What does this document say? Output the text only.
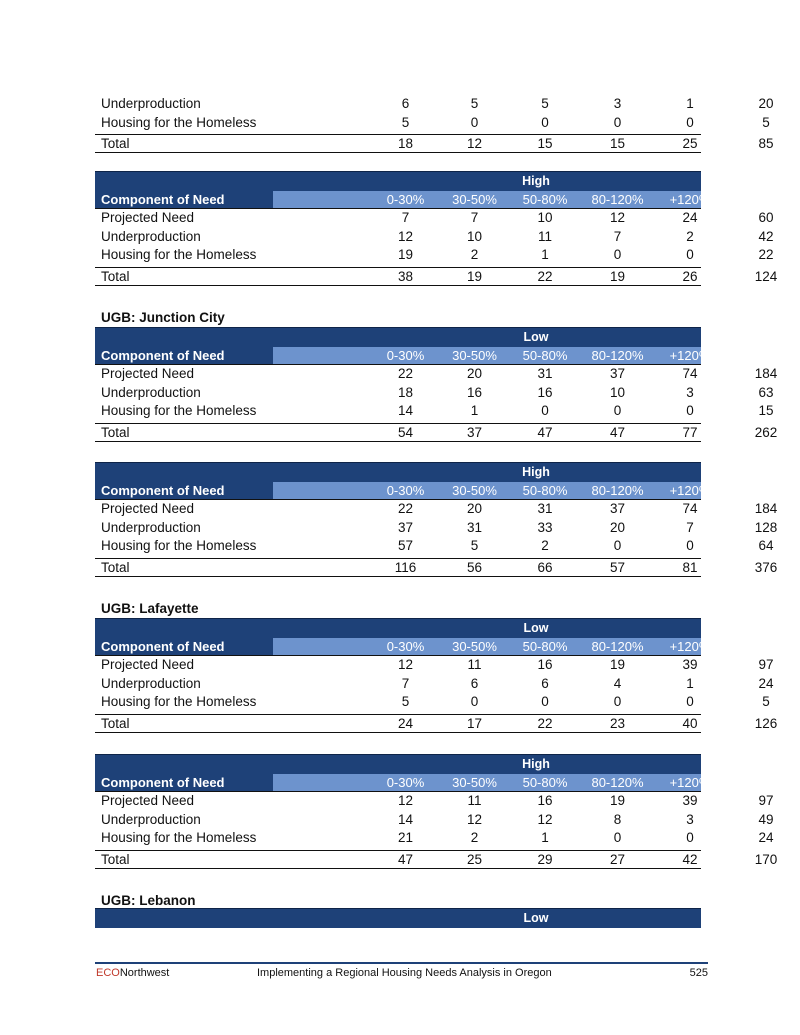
Underproduction	6	5	5	3	1	20
Housing for the Homeless	5	0	0	0	0	5
Total	18	12	15	15	25	85
High
Component of Need	0-30%	30-50%	50-80%	80-120%	+120%	Total
Projected Need	7	7	10	12	24	60
Underproduction	12	10	11	7	2	42
Housing for the Homeless	19	2	1	0	0	22
Total	38	19	22	19	26	124
UGB: Junction City
Low
Component of Need	0-30%	30-50%	50-80%	80-120%	+120%	Total
Projected Need	22	20	31	37	74	184
Underproduction	18	16	16	10	3	63
Housing for the Homeless	14	1	0	0	0	15
Total	54	37	47	47	77	262
High
Component of Need	0-30%	30-50%	50-80%	80-120%	+120%	Total
Projected Need	22	20	31	37	74	184
Underproduction	37	31	33	20	7	128
Housing for the Homeless	57	5	2	0	0	64
Total	116	56	66	57	81	376
UGB: Lafayette
Low
Component of Need	0-30%	30-50%	50-80%	80-120%	+120%	Total
Projected Need	12	11	16	19	39	97
Underproduction	7	6	6	4	1	24
Housing for the Homeless	5	0	0	0	0	5
Total	24	17	22	23	40	126
High
Component of Need	0-30%	30-50%	50-80%	80-120%	+120%	Total
Projected Need	12	11	16	19	39	97
Underproduction	14	12	12	8	3	49
Housing for the Homeless	21	2	1	0	0	24
Total	47	25	29	27	42	170
UGB: Lebanon
Low
ECONorthwest	Implementing a Regional Housing Needs Analysis in Oregon	525
